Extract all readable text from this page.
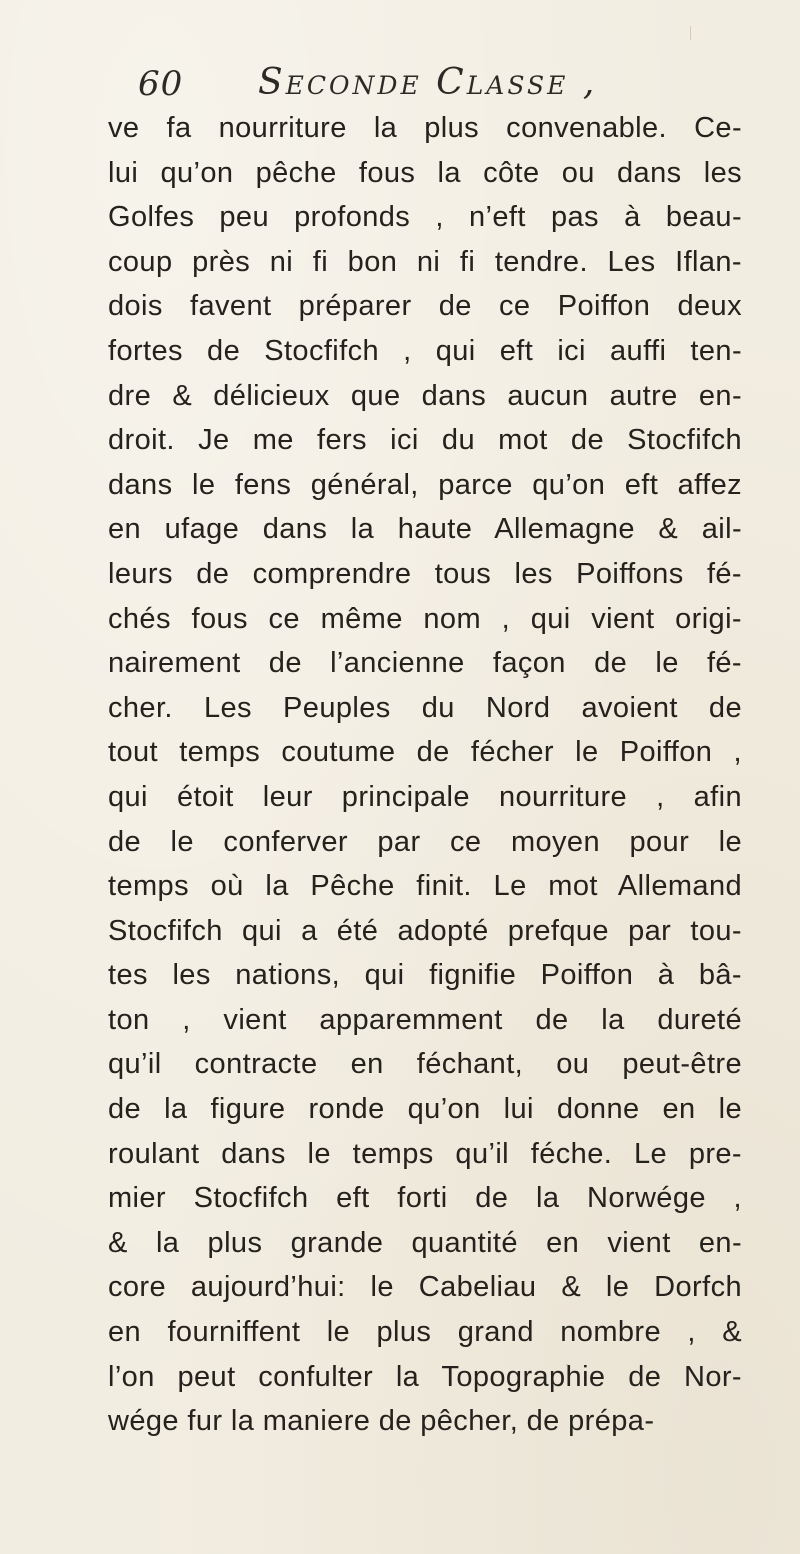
60 Seconde Classe ,
ve fa nourriture la plus convenable. Ce-
lui qu’on pêche fous la côte ou dans les
Golfes peu profonds , n’eft pas à beau-
coup près ni fi bon ni fi tendre. Les Iflan-
dois favent préparer de ce Poiffon deux
fortes de Stocfifch , qui eft ici auffi ten-
dre & délicieux que dans aucun autre en-
droit. Je me fers ici du mot de Stocfifch
dans le fens général, parce qu’on eft affez
en ufage dans la haute Allemagne & ail-
leurs de comprendre tous les Poiffons fé-
chés fous ce même nom , qui vient origi-
nairement de l’ancienne façon de le fé-
cher. Les Peuples du Nord avoient de
tout temps coutume de fécher le Poiffon ,
qui étoit leur principale nourriture , afin
de le conferver par ce moyen pour le
temps où la Pêche finit. Le mot Allemand
Stocfifch qui a été adopté prefque par tou-
tes les nations, qui fignifie Poiffon à bâ-
ton , vient apparemment de la dureté
qu’il contracte en féchant, ou peut-être
de la figure ronde qu’on lui donne en le
roulant dans le temps qu’il féche. Le pre-
mier Stocfifch eft forti de la Norwége ,
& la plus grande quantité en vient en-
core aujourd’hui: le Cabeliau & le Dorfch
en fourniffent le plus grand nombre , &
l’on peut confulter la Topographie de Nor-
wége fur la maniere de pêcher, de prépa-
